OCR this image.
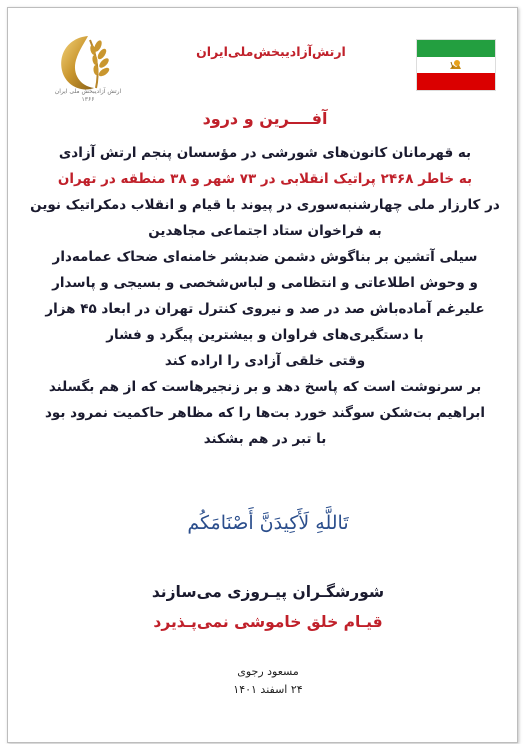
ارتش آزادیبخش ملی ایران
۱۳۶۶
ارتش‌آزادیبخش‌ملی‌ایران
آفــــرین و درود
به قهرمانان کانون‌های شورشی در مؤسسان پنجم ارتش آزادی
به خاطر ۲۴۶۸ پراتیک انقلابی در ۷۳ شهر و ۳۸ منطقه در تهران
در کارزار ملی چهارشنبه‌سوری در پیوند با قیام و انقلاب دمکراتیک نوین
به فراخوان ستاد اجتماعی مجاهدین
سیلی آتشین بر بناگوش دشمن ضدبشر خامنه‌ای ضحاک عمامه‌دار
و وحوش اطلاعاتی و انتظامی و لباس‌شخصی و بسیجی و پاسدار
علیرغم آماده‌باش صد در صد و نیروی کنترل تهران در ابعاد ۴۵ هزار
با دستگیری‌های فراوان و بیشترین پیگرد و فشار
وقتی خلقی آزادی را اراده کند
بر سرنوشت است که پاسخ دهد و بر زنجیرهاست که از هم بگسلند
ابراهیم بت‌شکن سوگند خورد بت‌ها را که مظاهر حاکمیت نمرود بود
با تبر در هم بشکند
تَاللَّهِ لَأَكِيدَنَّ أَصْنَامَكُم
شورشگـران پیـروزی می‌سازند
قیـام خلق خاموشی نمی‌پـذیرد
مسعود رجوی
۲۴ اسفند ۱۴۰۱
